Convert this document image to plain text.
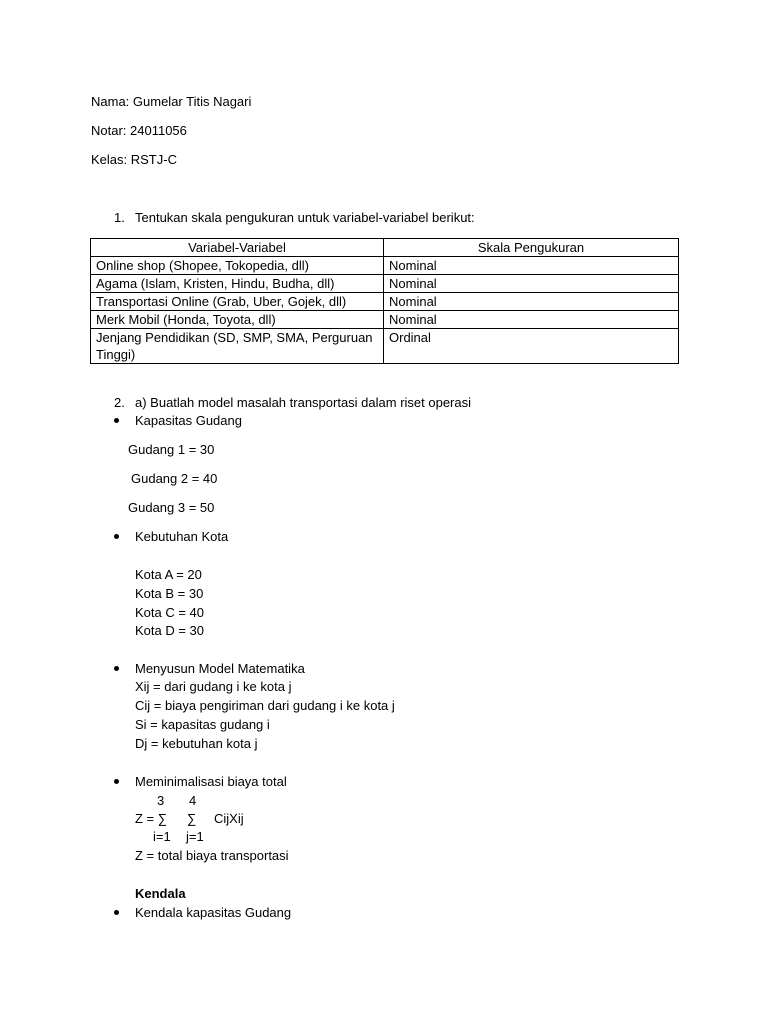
Nama: Gumelar Titis Nagari
Notar: 24011056
Kelas: RSTJ-C
1. Tentukan skala pengukuran untuk variabel-variabel berikut:
Variabel-Variabel	Skala Pengukuran
Online shop (Shopee, Tokopedia, dll)	Nominal
Agama (Islam, Kristen, Hindu, Budha, dll)	Nominal
Transportasi Online (Grab, Uber, Gojek, dll)	Nominal
Merk Mobil (Honda, Toyota, dll)	Nominal
Jenjang Pendidikan (SD, SMP, SMA, Perguruan Tinggi)	Ordinal
2. a) Buatlah model masalah transportasi dalam riset operasi
Kapasitas Gudang
Gudang 1 = 30
Gudang 2 = 40
Gudang 3 = 50
Kebutuhan Kota
Kota A = 20
Kota B = 30
Kota C = 40
Kota D = 30
Menyusun Model Matematika
Xij = dari gudang i ke kota j
Cij = biaya pengiriman dari gudang i ke kota j
Si = kapasitas gudang i
Dj = kebutuhan kota j
Meminimalisasi biaya total
3 4
Z = ∑ ∑ CijXij
i=1 j=1
Z = total biaya transportasi
Kendala
Kendala kapasitas Gudang
